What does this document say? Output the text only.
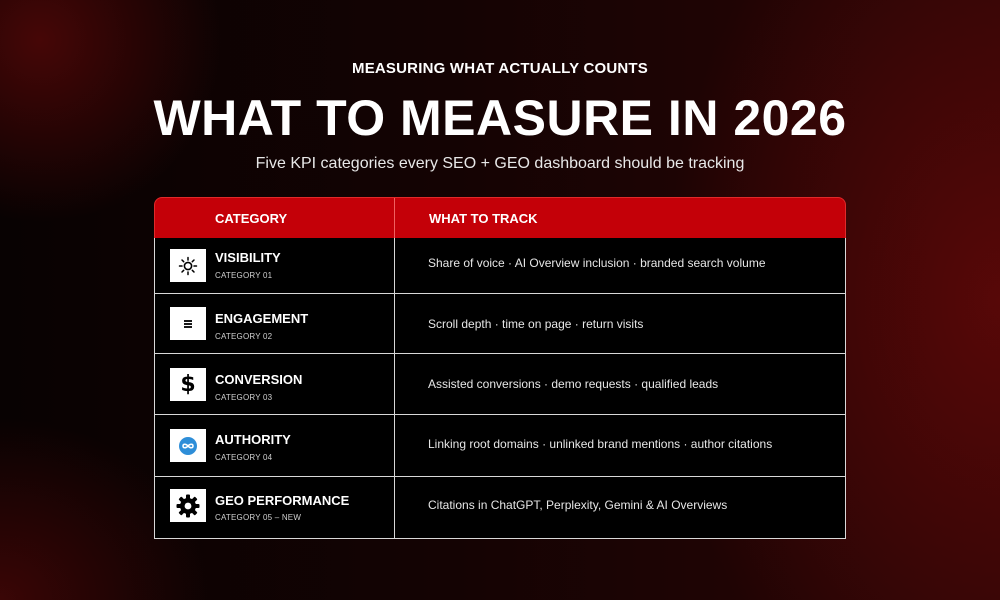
MEASURING WHAT ACTUALLY COUNTS
WHAT TO MEASURE IN 2026
Five KPI categories every SEO + GEO dashboard should be tracking
CATEGORY	WHAT TO TRACK
VISIBILITY
CATEGORY 01
Share of voice · AI Overview inclusion · branded search volume
ENGAGEMENT
CATEGORY 02
Scroll depth · time on page · return visits
$ CONVERSION
CATEGORY 03
Assisted conversions · demo requests · qualified leads
AUTHORITY
CATEGORY 04
Linking root domains · unlinked brand mentions · author citations
GEO PERFORMANCE
CATEGORY 05 – NEW
Citations in ChatGPT, Perplexity, Gemini & AI Overviews
